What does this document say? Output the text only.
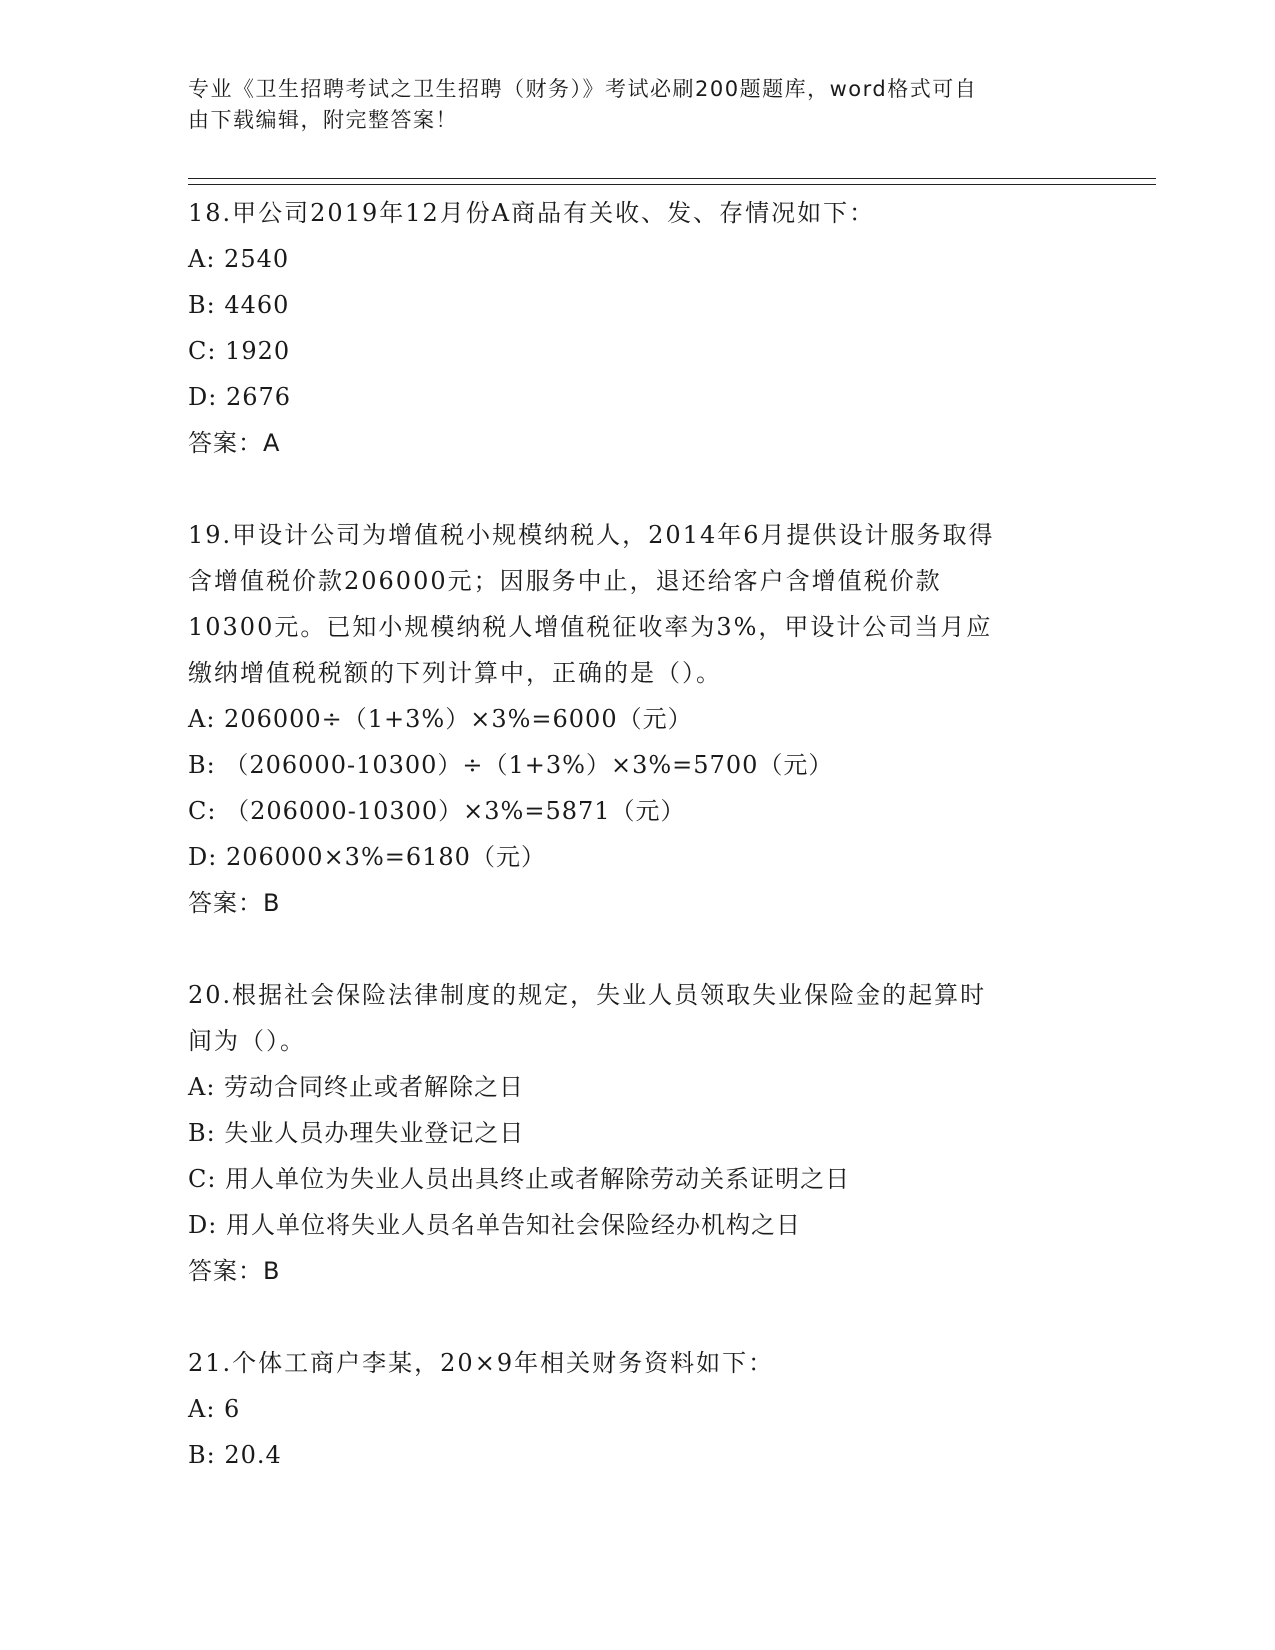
专业《卫生招聘考试之卫生招聘（财务）》考试必刷200题题库，word格式可自
由下载编辑，附完整答案！

18.甲公司2019年12月份A商品有关收、发、存情况如下：

A: 2540

B: 4460

C: 1920

D: 2676

答案：A

19.甲设计公司为增值税小规模纳税人，2014年6月提供设计服务取得

含增值税价款206000元；因服务中止，退还给客户含增值税价款

10300元。已知小规模纳税人增值税征收率为3%，甲设计公司当月应

缴纳增值税税额的下列计算中，正确的是（）。

A: 206000÷（1+3%）×3%=6000（元）

B: （206000-10300）÷（1+3%）×3%=5700（元）

C: （206000-10300）×3%=5871（元）

D: 206000×3%=6180（元）

答案：B

20.根据社会保险法律制度的规定，失业人员领取失业保险金的起算时

间为（）。

A: 劳动合同终止或者解除之日

B: 失业人员办理失业登记之日

C: 用人单位为失业人员出具终止或者解除劳动关系证明之日

D: 用人单位将失业人员名单告知社会保险经办机构之日

答案：B

21.个体工商户李某，20×9年相关财务资料如下：

A: 6

B: 20.4
